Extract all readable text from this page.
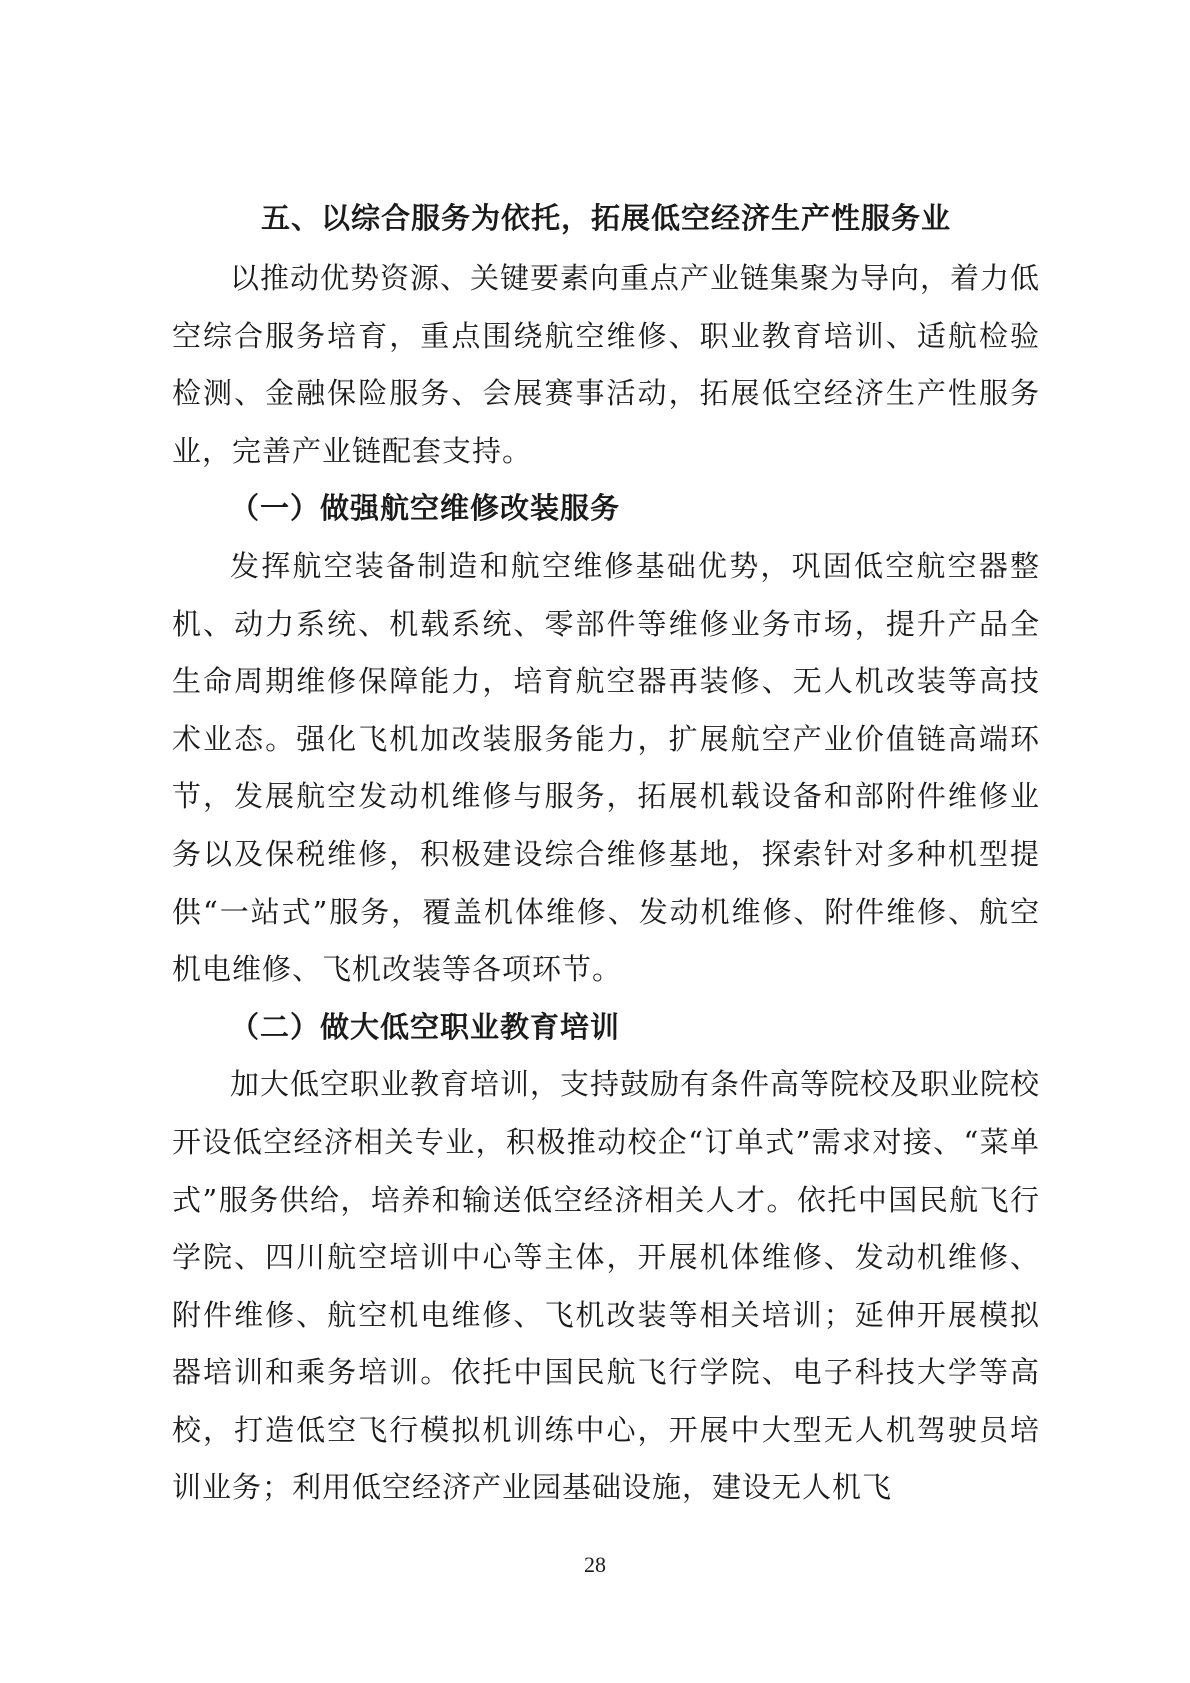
五、以综合服务为依托，拓展低空经济生产性服务业

以推动优势资源、关键要素向重点产业链集聚为导向，着力低空综合服务培育，重点围绕航空维修、职业教育培训、适航检验检测、金融保险服务、会展赛事活动，拓展低空经济生产性服务业，完善产业链配套支持。

（一）做强航空维修改装服务

发挥航空装备制造和航空维修基础优势，巩固低空航空器整机、动力系统、机载系统、零部件等维修业务市场，提升产品全生命周期维修保障能力，培育航空器再装修、无人机改装等高技术业态。强化飞机加改装服务能力，扩展航空产业价值链高端环节，发展航空发动机维修与服务，拓展机载设备和部附件维修业务以及保税维修，积极建设综合维修基地，探索针对多种机型提供“一站式”服务，覆盖机体维修、发动机维修、附件维修、航空机电维修、飞机改装等各项环节。

（二）做大低空职业教育培训

加大低空职业教育培训，支持鼓励有条件高等院校及职业院校开设低空经济相关专业，积极推动校企“订单式”需求对接、“菜单式”服务供给，培养和输送低空经济相关人才。依托中国民航飞行学院、四川航空培训中心等主体，开展机体维修、发动机维修、附件维修、航空机电维修、飞机改装等相关培训；延伸开展模拟器培训和乘务培训。依托中国民航飞行学院、电子科技大学等高校，打造低空飞行模拟机训练中心，开展中大型无人机驾驶员培训业务；利用低空经济产业园基础设施，建设无人机飞

28
